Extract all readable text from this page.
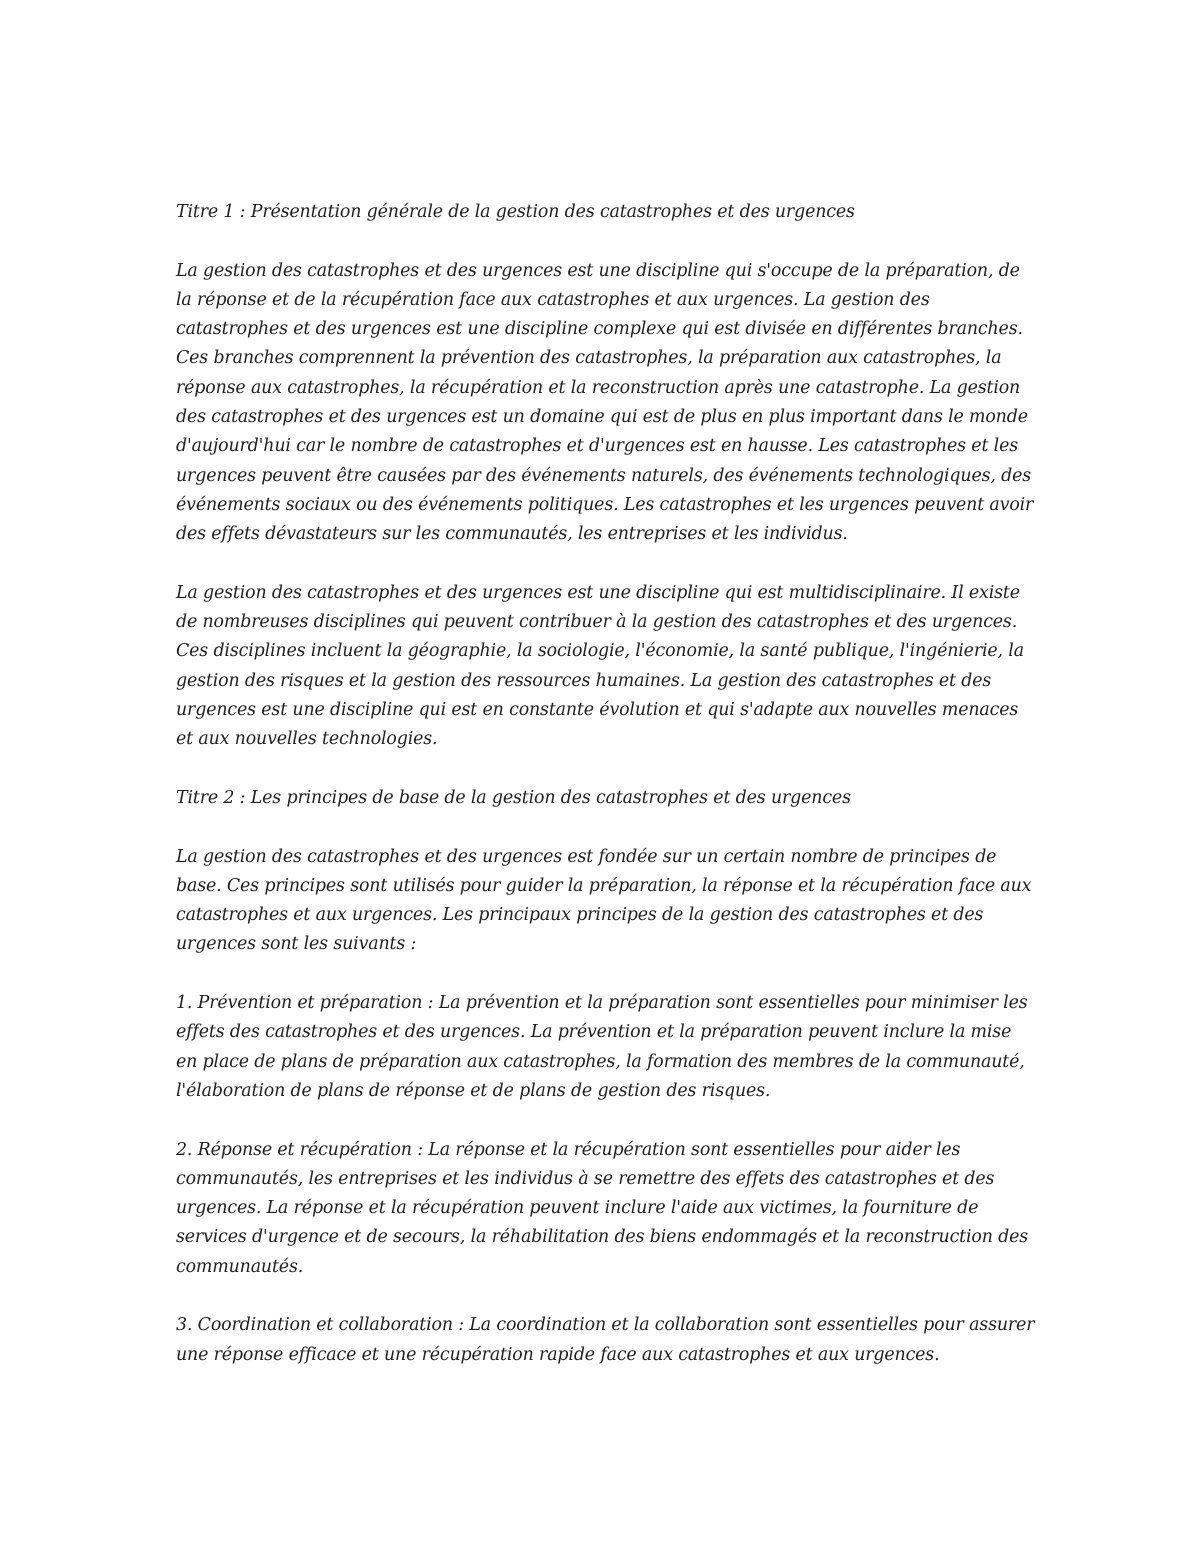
Titre 1 : Présentation générale de la gestion des catastrophes et des urgences

La gestion des catastrophes et des urgences est une discipline qui s'occupe de la préparation, de la réponse et de la récupération face aux catastrophes et aux urgences. La gestion des catastrophes et des urgences est une discipline complexe qui est divisée en différentes branches. Ces branches comprennent la prévention des catastrophes, la préparation aux catastrophes, la réponse aux catastrophes, la récupération et la reconstruction après une catastrophe. La gestion des catastrophes et des urgences est un domaine qui est de plus en plus important dans le monde d'aujourd'hui car le nombre de catastrophes et d'urgences est en hausse. Les catastrophes et les urgences peuvent être causées par des événements naturels, des événements technologiques, des événements sociaux ou des événements politiques. Les catastrophes et les urgences peuvent avoir des effets dévastateurs sur les communautés, les entreprises et les individus.

La gestion des catastrophes et des urgences est une discipline qui est multidisciplinaire. Il existe de nombreuses disciplines qui peuvent contribuer à la gestion des catastrophes et des urgences. Ces disciplines incluent la géographie, la sociologie, l'économie, la santé publique, l'ingénierie, la gestion des risques et la gestion des ressources humaines. La gestion des catastrophes et des urgences est une discipline qui est en constante évolution et qui s'adapte aux nouvelles menaces et aux nouvelles technologies.

Titre 2 : Les principes de base de la gestion des catastrophes et des urgences

La gestion des catastrophes et des urgences est fondée sur un certain nombre de principes de base. Ces principes sont utilisés pour guider la préparation, la réponse et la récupération face aux catastrophes et aux urgences. Les principaux principes de la gestion des catastrophes et des urgences sont les suivants :

1. Prévention et préparation : La prévention et la préparation sont essentielles pour minimiser les effets des catastrophes et des urgences. La prévention et la préparation peuvent inclure la mise en place de plans de préparation aux catastrophes, la formation des membres de la communauté, l'élaboration de plans de réponse et de plans de gestion des risques.

2. Réponse et récupération : La réponse et la récupération sont essentielles pour aider les communautés, les entreprises et les individus à se remettre des effets des catastrophes et des urgences. La réponse et la récupération peuvent inclure l'aide aux victimes, la fourniture de services d'urgence et de secours, la réhabilitation des biens endommagés et la reconstruction des communautés.

3. Coordination et collaboration : La coordination et la collaboration sont essentielles pour assurer une réponse efficace et une récupération rapide face aux catastrophes et aux urgences.
